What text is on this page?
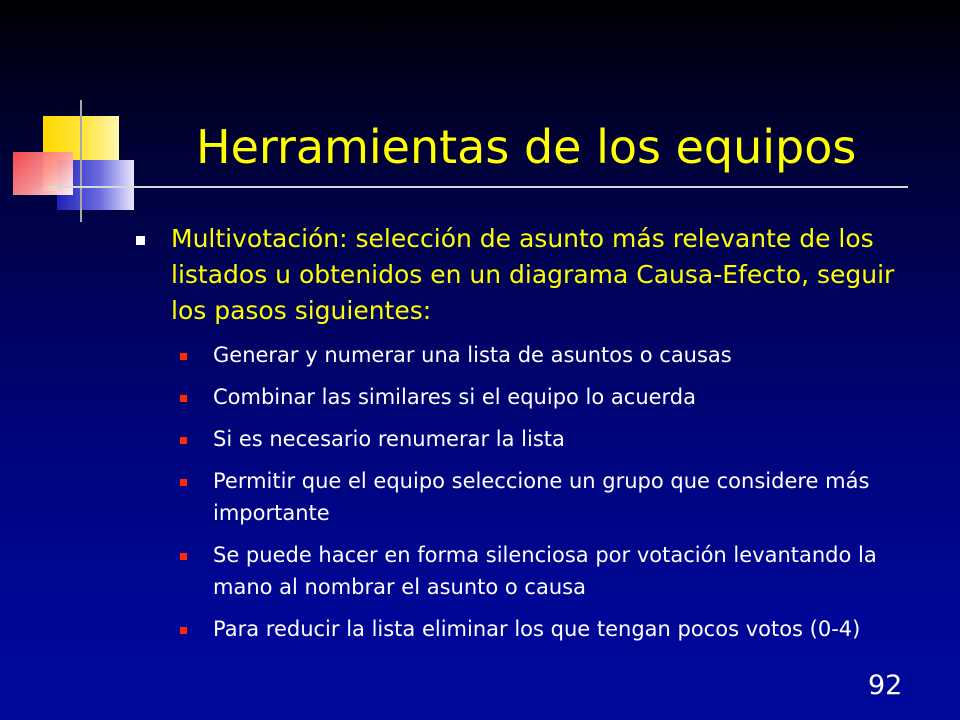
Herramientas de los equipos
Multivotación: selección de asunto más relevante de los listados u obtenidos en un diagrama Causa-Efecto, seguir los pasos siguientes:
Generar y numerar una lista de asuntos o causas
Combinar las similares si el equipo lo acuerda
Si es necesario renumerar la lista
Permitir que el equipo seleccione un grupo que considere más importante
Se puede hacer en forma silenciosa por votación levantando la mano al nombrar el asunto o causa
Para reducir la lista eliminar los que tengan pocos votos (0-4)
92
